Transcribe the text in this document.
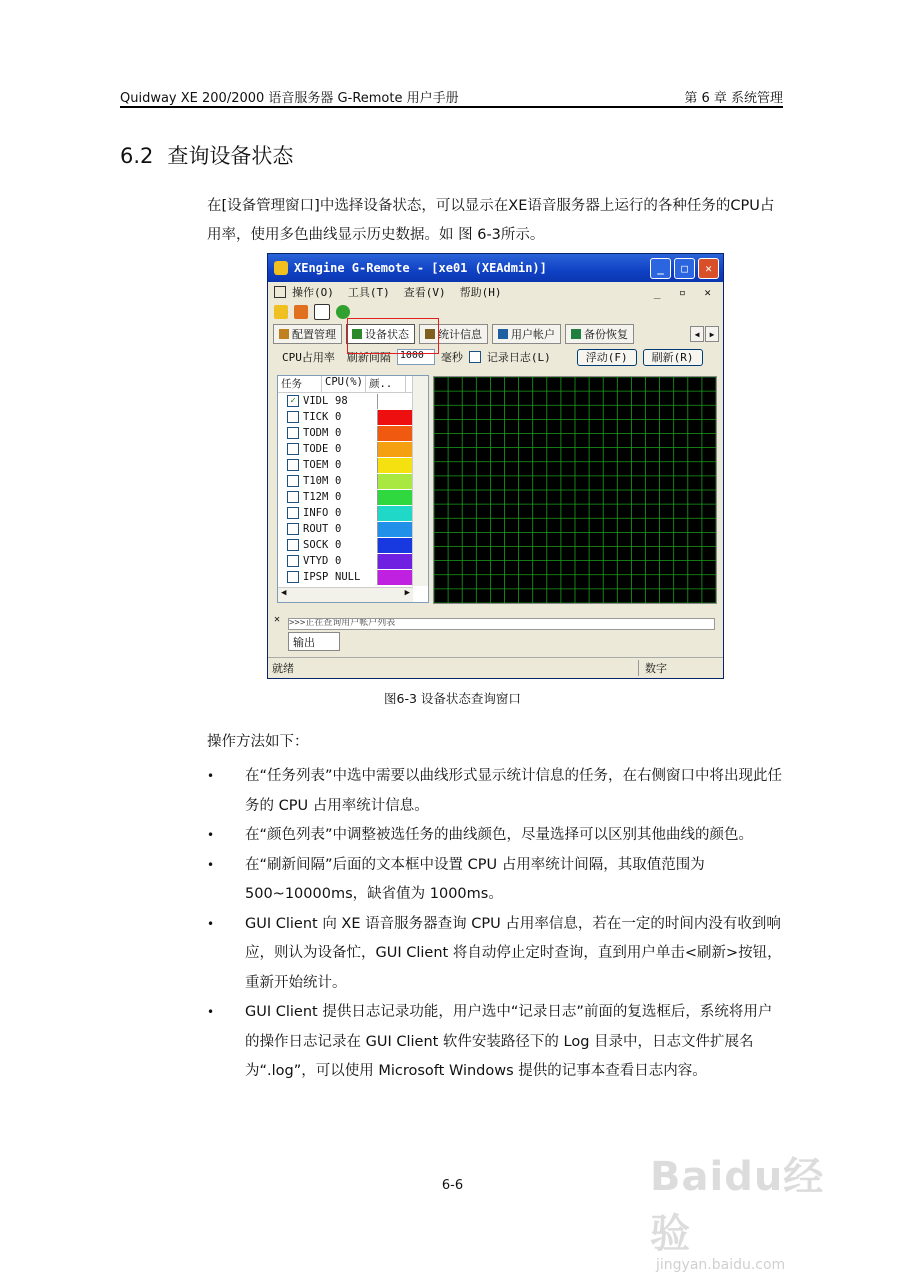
Quidway XE 200/2000 语音服务器 G-Remote 用户手册	第 6 章 系统管理
6.2 查询设备状态
在[设备管理窗口]中选择设备状态，可以显示在XE语音服务器上运行的各种任务的CPU占用率，使用多色曲线显示历史数据。如 图 6-3所示。
XEngine G-Remote - [xe01 (XEAdmin)]	_	□	✕
操作(O) 工具(T) 查看(V) 帮助(H)	_ ▫ ✕
配置管理	设备状态	统计信息	用户帐户	备份恢复	◀	▶
CPU占用率 刷新间隔 1000	毫秒 记录日志(L)	浮动(F)	刷新(R)
任务	CPU(%) 颜..
✓ VIDL 98
TICK 0
TODM 0
TODE 0
TOEM 0
T10M 0
T12M 0
INFO 0
ROUT 0
SOCK 0
VTYD 0
IPSP NULL
◀	▶
✕ >>>正在查询用户帐户列表
输出
就绪	数字
图6-3 设备状态查询窗口
操作方法如下：
• 在“任务列表”中选中需要以曲线形式显示统计信息的任务，在右侧窗口中将出现此任务的 CPU 占用率统计信息。
• 在“颜色列表”中调整被选任务的曲线颜色，尽量选择可以区别其他曲线的颜色。
• 在“刷新间隔”后面的文本框中设置 CPU 占用率统计间隔，其取值范围为 500~10000ms，缺省值为 1000ms。
• GUI Client 向 XE 语音服务器查询 CPU 占用率信息，若在一定的时间内没有收到响应，则认为设备忙，GUI Client 将自动停止定时查询，直到用户单击<刷新>按钮，重新开始统计。
• GUI Client 提供日志记录功能，用户选中“记录日志”前面的复选框后，系统将用户的操作日志记录在 GUI Client 软件安装路径下的 Log 目录中，日志文件扩展名为“.log”，可以使用 Microsoft Windows 提供的记事本查看日志内容。
6-6	Baidu经验
jingyan.baidu.com
